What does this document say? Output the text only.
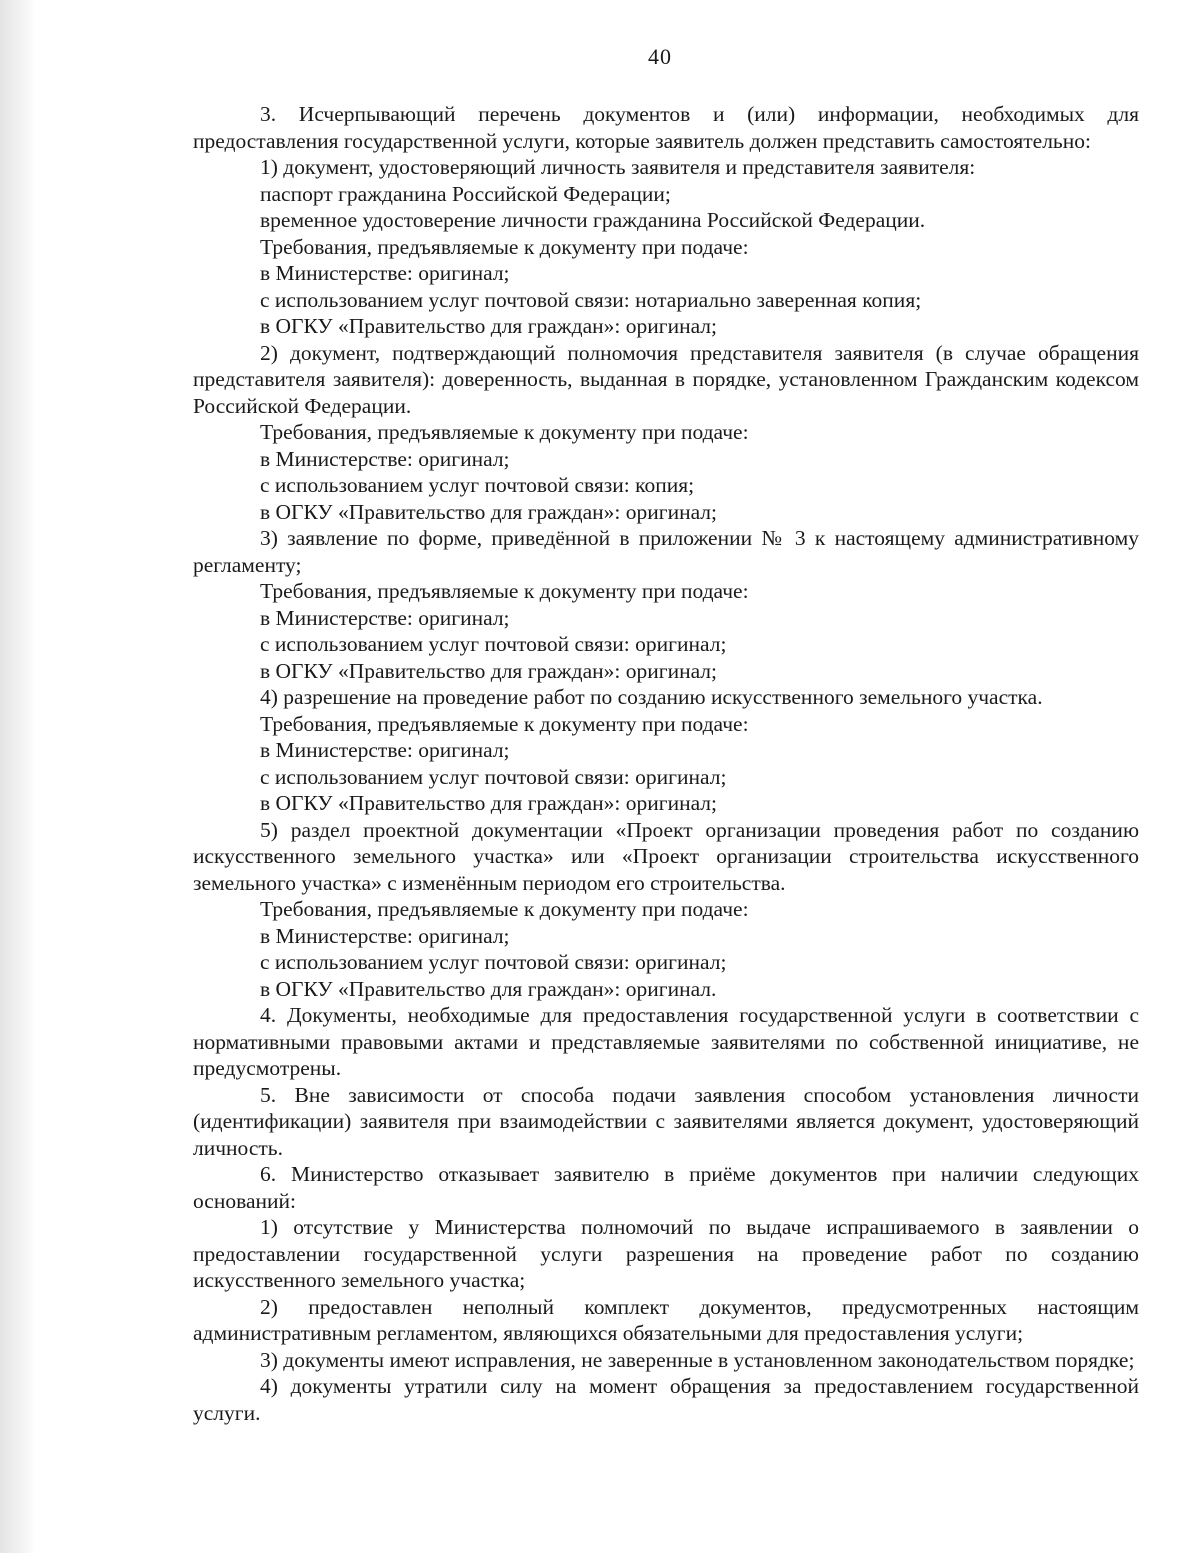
40

3. Исчерпывающий перечень документов и (или) информации, необходимых для предоставления государственной услуги, которые заявитель должен представить самостоятельно:

1) документ, удостоверяющий личность заявителя и представителя заявителя:

паспорт гражданина Российской Федерации;

временное удостоверение личности гражданина Российской Федерации.

Требования, предъявляемые к документу при подаче:

в Министерстве: оригинал;

с использованием услуг почтовой связи: нотариально заверенная копия;

в ОГКУ «Правительство для граждан»: оригинал;

2) документ, подтверждающий полномочия представителя заявителя (в случае обращения представителя заявителя): доверенность, выданная в порядке, установленном Гражданским кодексом Российской Федерации.

Требования, предъявляемые к документу при подаче:

в Министерстве: оригинал;

с использованием услуг почтовой связи: копия;

в ОГКУ «Правительство для граждан»: оригинал;

3) заявление по форме, приведённой в приложении № 3 к настоящему административному регламенту;

Требования, предъявляемые к документу при подаче:

в Министерстве: оригинал;

с использованием услуг почтовой связи: оригинал;

в ОГКУ «Правительство для граждан»: оригинал;

4) разрешение на проведение работ по созданию искусственного земельного участка.

Требования, предъявляемые к документу при подаче:

в Министерстве: оригинал;

с использованием услуг почтовой связи: оригинал;

в ОГКУ «Правительство для граждан»: оригинал;

5) раздел проектной документации «Проект организации проведения работ по созданию искусственного земельного участка» или «Проект организации строительства искусственного земельного участка» с изменённым периодом его строительства.

Требования, предъявляемые к документу при подаче:

в Министерстве: оригинал;

с использованием услуг почтовой связи: оригинал;

в ОГКУ «Правительство для граждан»: оригинал.

4. Документы, необходимые для предоставления государственной услуги в соответствии с нормативными правовыми актами и представляемые заявителями по собственной инициативе, не предусмотрены.

5. Вне зависимости от способа подачи заявления способом установления личности (идентификации) заявителя при взаимодействии с заявителями является документ, удостоверяющий личность.

6. Министерство отказывает заявителю в приёме документов при наличии следующих оснований:

1) отсутствие у Министерства полномочий по выдаче испрашиваемого в заявлении о предоставлении государственной услуги разрешения на проведение работ по созданию искусственного земельного участка;

2) предоставлен неполный комплект документов, предусмотренных настоящим административным регламентом, являющихся обязательными для предоставления услуги;

3) документы имеют исправления, не заверенные в установленном законодательством порядке;

4) документы утратили силу на момент обращения за предоставлением государственной услуги.
